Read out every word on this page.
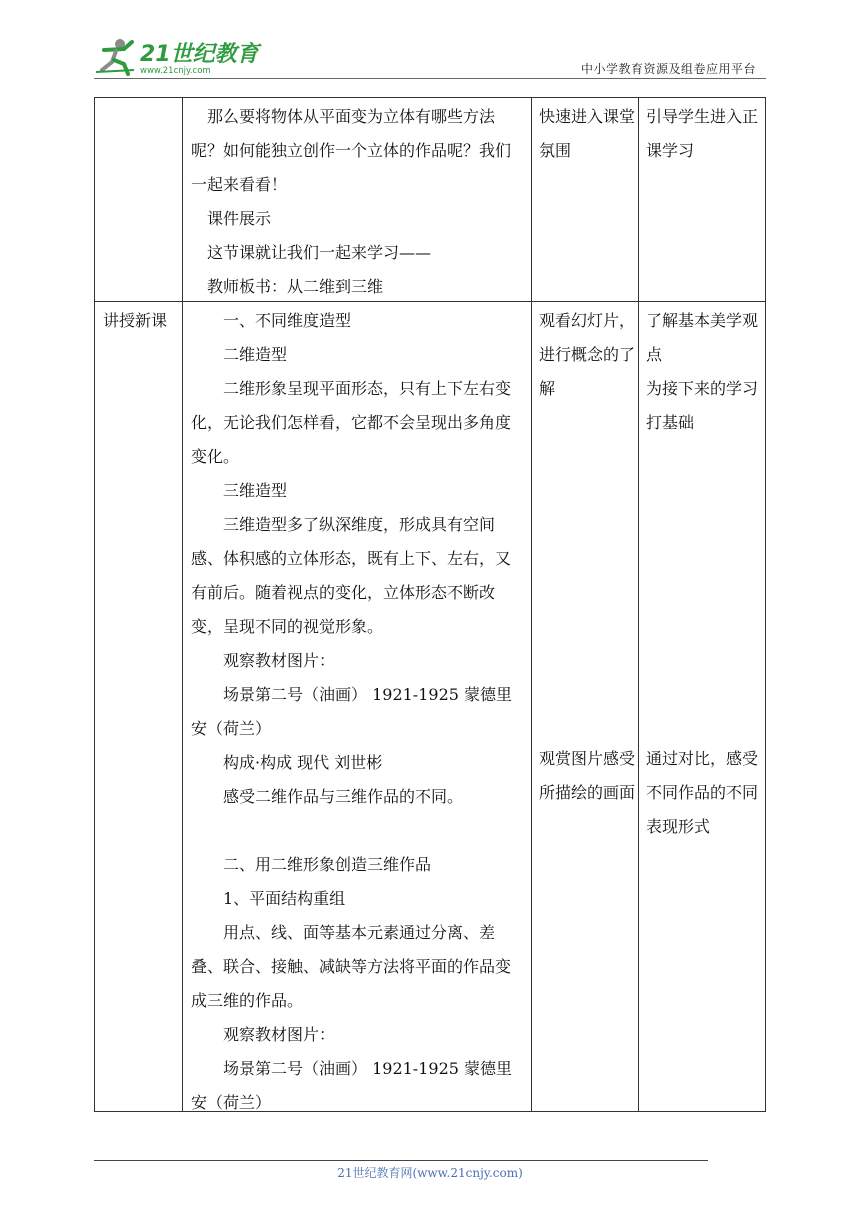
21世纪教育
www.21cnjy.com	中小学教育资源及组卷应用平台

那么要将物体从平面变为立体有哪些方法呢？如何能独立创作一个立体的作品呢？我们一起来看看！

课件展示

这节课就让我们一起来学习——

教师板书：从二维到三维

快速进入课堂氛围

引导学生进入正课学习

讲授新课	一、不同维度造型

二维造型

二维形象呈现平面形态，只有上下左右变化，无论我们怎样看，它都不会呈现出多角度变化。

三维造型

三维造型多了纵深维度，形成具有空间感、体积感的立体形态，既有上下、左右，又有前后。随着视点的变化，立体形态不断改变，呈现不同的视觉形象。

观察教材图片：

场景第二号（油画） 1921-1925 蒙德里安（荷兰）

构成·构成 现代 刘世彬

感受二维作品与三维作品的不同。

二、用二维形象创造三维作品

1、平面结构重组

用点、线、面等基本元素通过分离、差叠、联合、接触、减缺等方法将平面的作品变成三维的作品。

观察教材图片：

场景第二号（油画） 1921-1925 蒙德里安（荷兰）

观看幻灯片，进行概念的了解

了解基本美学观点

为接下来的学习打基础

观赏图片感受所描绘的画面

通过对比，感受不同作品的不同表现形式

21世纪教育网(www.21cnjy.com)
